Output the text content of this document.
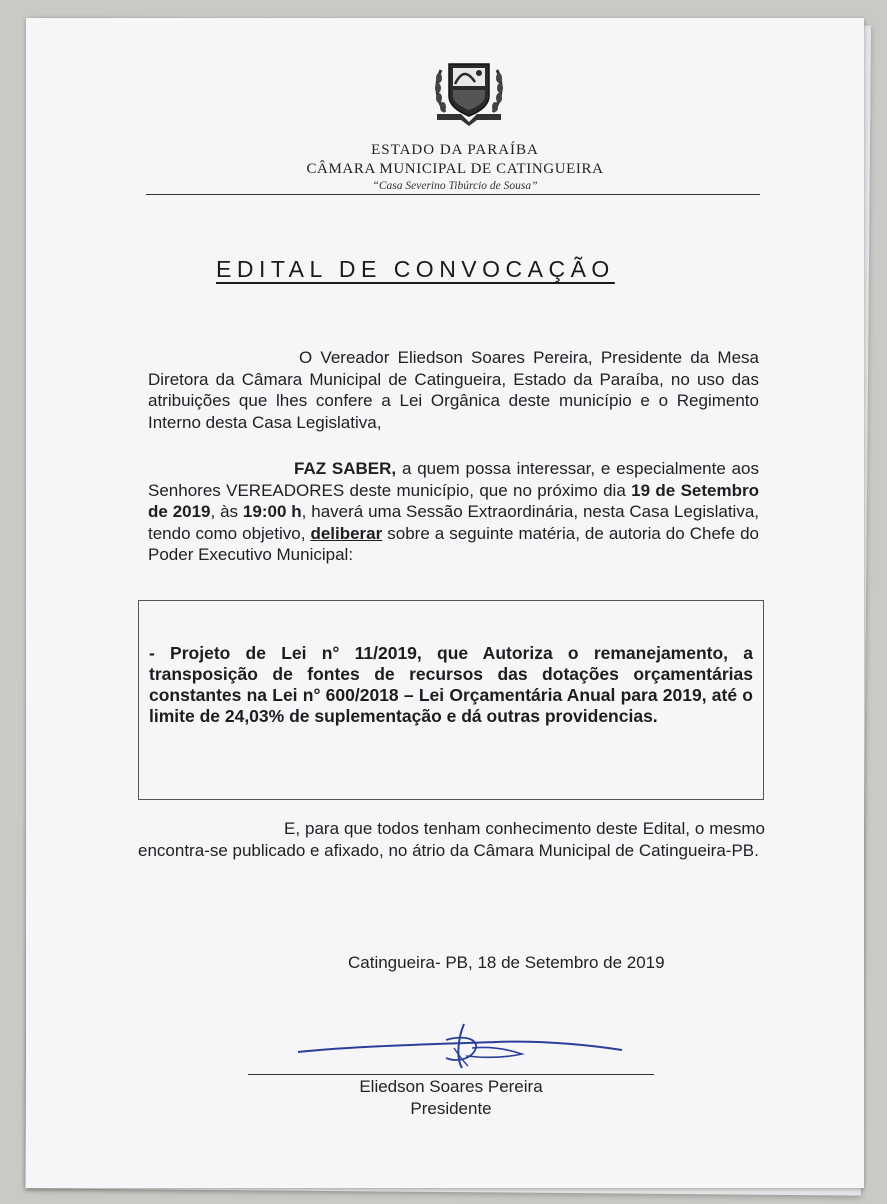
ESTADO DA PARAÍBA
CÂMARA MUNICIPAL DE CATINGUEIRA
“Casa Severino Tibúrcio de Sousa”
EDITAL DE CONVOCAÇÃO
O Vereador Eliedson Soares Pereira, Presidente da Mesa Diretora da Câmara Municipal de Catingueira, Estado da Paraíba, no uso das atribuições que lhes confere a Lei Orgânica deste município e o Regimento Interno desta Casa Legislativa,
FAZ SABER, a quem possa interessar, e especialmente aos Senhores VEREADORES deste município, que no próximo dia 19 de Setembro de 2019, às 19:00 h, haverá uma Sessão Extraordinária, nesta Casa Legislativa, tendo como objetivo, deliberar sobre a seguinte matéria, de autoria do Chefe do Poder Executivo Municipal:
- Projeto de Lei n° 11/2019, que Autoriza o remanejamento, a transposição de fontes de recursos das dotações orçamentárias constantes na Lei n° 600/2018 – Lei Orçamentária Anual para 2019, até o limite de 24,03% de suplementação e dá outras providencias.
E, para que todos tenham conhecimento deste Edital, o mesmo encontra-se publicado e afixado, no átrio da Câmara Municipal de Catingueira-PB.
Catingueira- PB, 18 de Setembro de 2019
Eliedson Soares Pereira
Presidente
